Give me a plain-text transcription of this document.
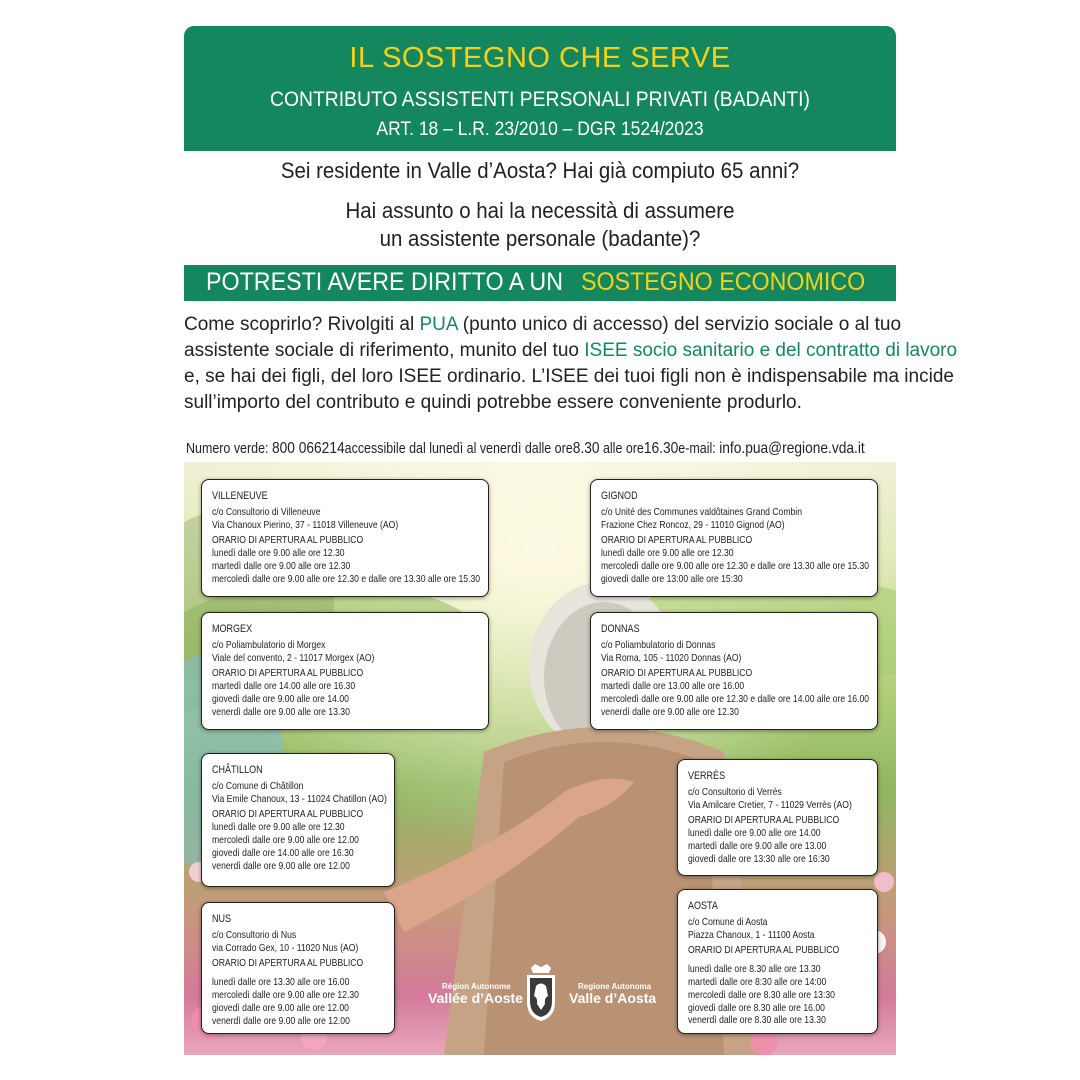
IL SOSTEGNO CHE SERVE
CONTRIBUTO ASSISTENTI PERSONALI PRIVATI (BADANTI)
ART. 18 – L.R. 23/2010 – DGR 1524/2023
Sei residente in Valle d’Aosta? Hai già compiuto 65 anni?
Hai assunto o hai la necessità di assumere
un assistente personale (badante)?
POTRESTI AVERE DIRITTO A UN SOSTEGNO ECONOMICO
Come scoprirlo? Rivolgiti al PUA (punto unico di accesso) del servizio sociale o al tuo assistente sociale di riferimento, munito del tuo ISEE socio sanitario e del contratto di lavoro e, se hai dei figli, del loro ISEE ordinario. L’ISEE dei tuoi figli non è indispensabile ma incide sull’importo del contributo e quindi potrebbe essere conveniente produrlo.
Numero verde: 800 066214accessibile dal lunedì al venerdì dalle ore8.30 alle ore16.30e-mail: info.pua@regione.vda.it
VILLENEUVE
c/o Consultorio di Villeneuve
Via Chanoux Pierino, 37 - 11018 Villeneuve (AO)
ORARIO DI APERTURA AL PUBBLICO
lunedì dalle ore 9.00 alle ore 12.30
martedì dalle ore 9.00 alle ore 12.30
mercoledì dalle ore 9.00 alle ore 12.30 e dalle ore 13.30 alle ore 15.30
GIGNOD
c/o Unité des Communes valdôtaines Grand Combin
Frazione Chez Roncoz, 29 - 11010 Gignod (AO)
ORARIO DI APERTURA AL PUBBLICO
lunedì dalle ore 9.00 alle ore 12.30
mercoledì dalle ore 9.00 alle ore 12.30 e dalle ore 13.30 alle ore 15.30
giovedì dalle ore 13:00 alle ore 15:30
MORGEX
c/o Poliambulatorio di Morgex
Viale del convento, 2 - 11017 Morgex (AO)
ORARIO DI APERTURA AL PUBBLICO
martedì dalle ore 14.00 alle ore 16.30
giovedì dalle ore 9.00 alle ore 14.00
venerdì dalle ore 9.00 alle ore 13.30
DONNAS
c/o Poliambulatorio di Donnas
Via Roma, 105 - 11020 Donnas (AO)
ORARIO DI APERTURA AL PUBBLICO
martedì dalle ore 13.00 alle ore 16.00
mercoledì dalle ore 9.00 alle ore 12.30 e dalle ore 14.00 alle ore 16.00
venerdì dalle ore 9.00 alle ore 12.30
CHÂTILLON
c/o Comune di Châtillon
Via Emile Chanoux, 13 - 11024 Chatillon (AO)
ORARIO DI APERTURA AL PUBBLICO
lunedì dalle ore 9.00 alle ore 12.30
mercoledì dalle ore 9.00 alle ore 12.00
giovedì dalle ore 14.00 alle ore 16.30
venerdì dalle ore 9.00 alle ore 12.00
VERRÈS
c/o Consultorio di Verrès
Via Amilcare Cretier, 7 - 11029 Verrès (AO)
ORARIO DI APERTURA AL PUBBLICO
lunedì dalle ore 9.00 alle ore 14.00
martedì dalle ore 9.00 alle ore 13.00
giovedì dalle ore 13:30 alle ore 16:30
NUS
c/o Consultorio di Nus
via Corrado Gex, 10 - 11020 Nus (AO)
ORARIO DI APERTURA AL PUBBLICO
lunedì dalle ore 13.30 alle ore 16.00
mercoledì dalle ore 9.00 alle ore 12.30
giovedì dalle ore 9.00 alle ore 12.00
venerdì dalle ore 9.00 alle ore 12.00
AOSTA
c/o Comune di Aosta
Piazza Chanoux, 1 - 11100 Aosta
ORARIO DI APERTURA AL PUBBLICO
lunedì dalle ore 8.30 alle ore 13.30
martedì dalle ore 8:30 alle ore 14:00
mercoledì dalle ore 8.30 alle ore 13:30
giovedì dalle ore 8.30 alle ore 16.00
venerdì dalle ore 8.30 alle ore 13.30
Région Autonome
Vallée d’Aoste
Regione Autonoma
Valle d’Aosta
